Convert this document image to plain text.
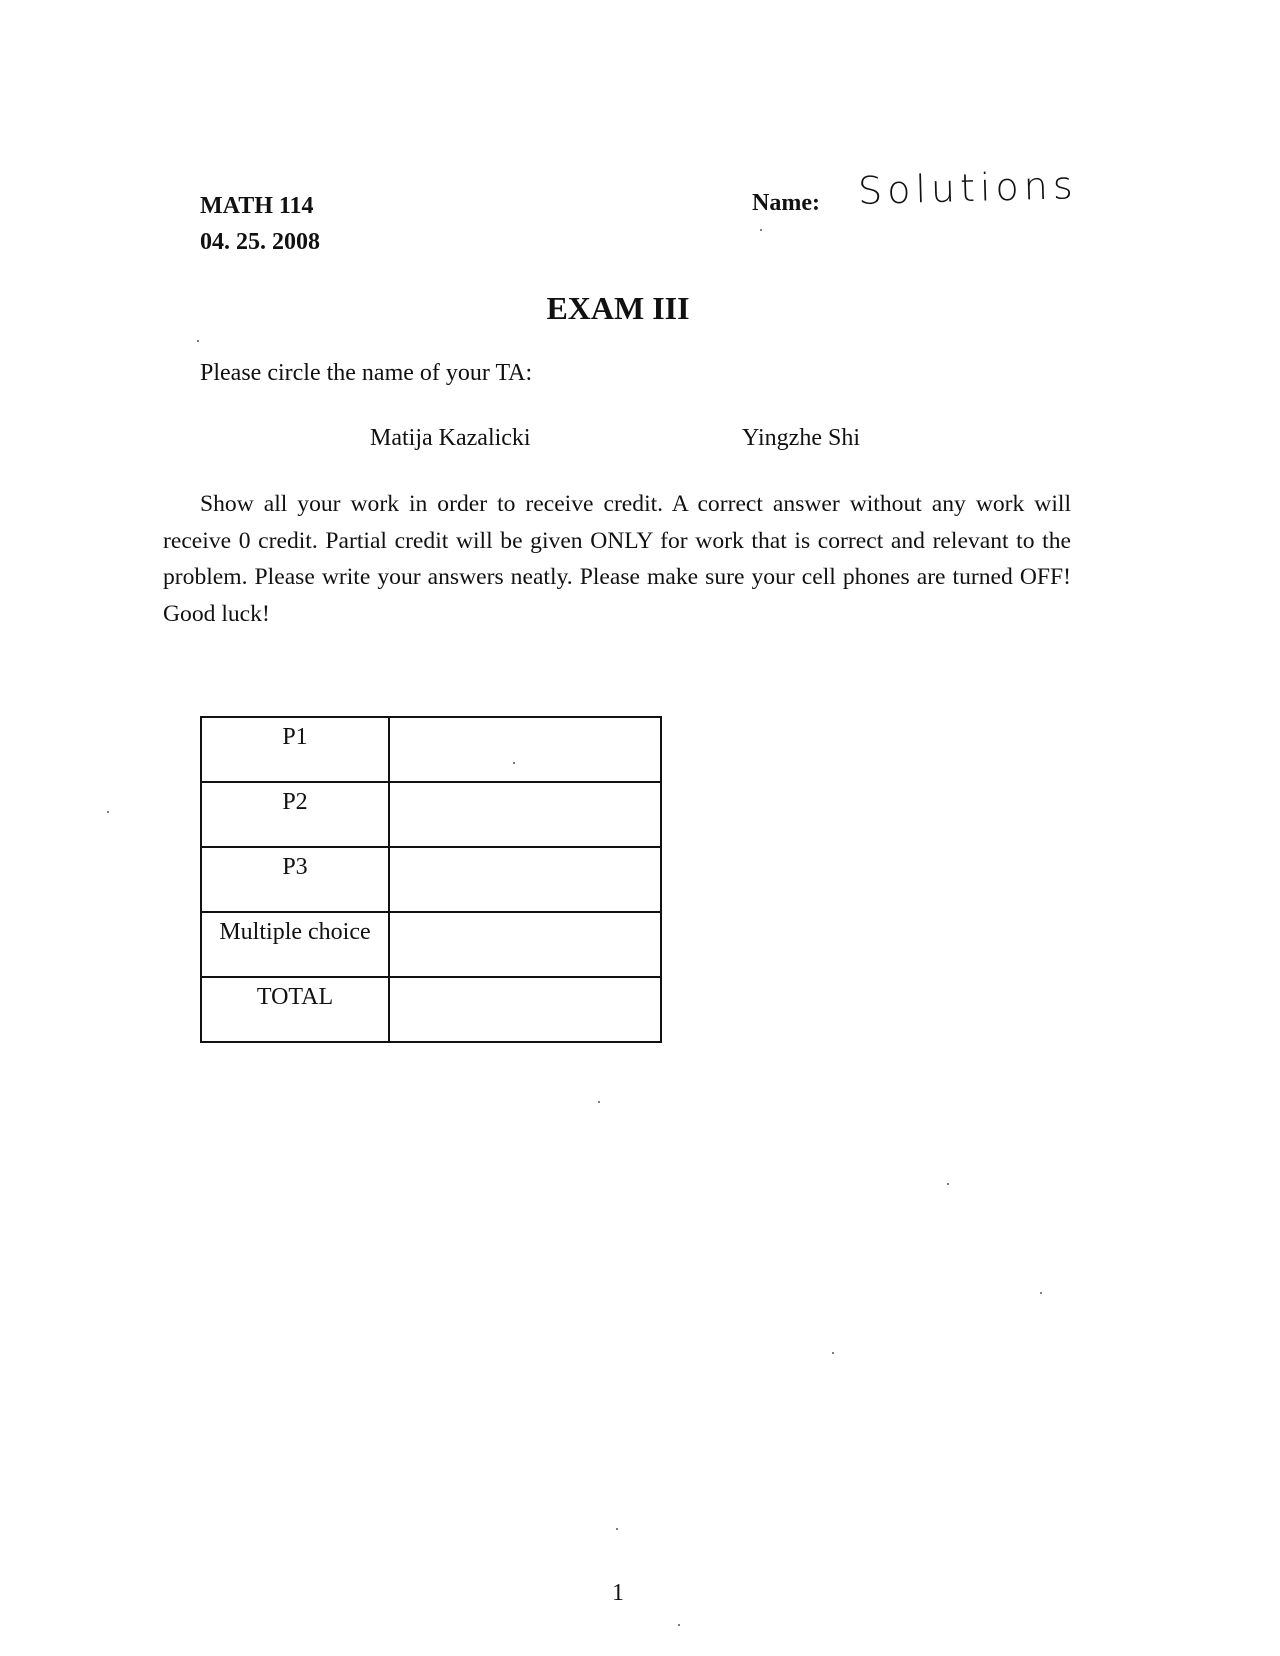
MATH 114
04. 25. 2008

Name: Solutions

EXAM III

Please circle the name of your TA:

Matija Kazalicki	Yingzhe Shi

Show all your work in order to receive credit. A correct answer without any work will receive 0 credit. Partial credit will be given ONLY for work that is correct and relevant to the problem. Please write your answers neatly. Please make sure your cell phones are turned OFF! Good luck!

P1	
P2	
P3	
Multiple choice	
TOTAL	

1
